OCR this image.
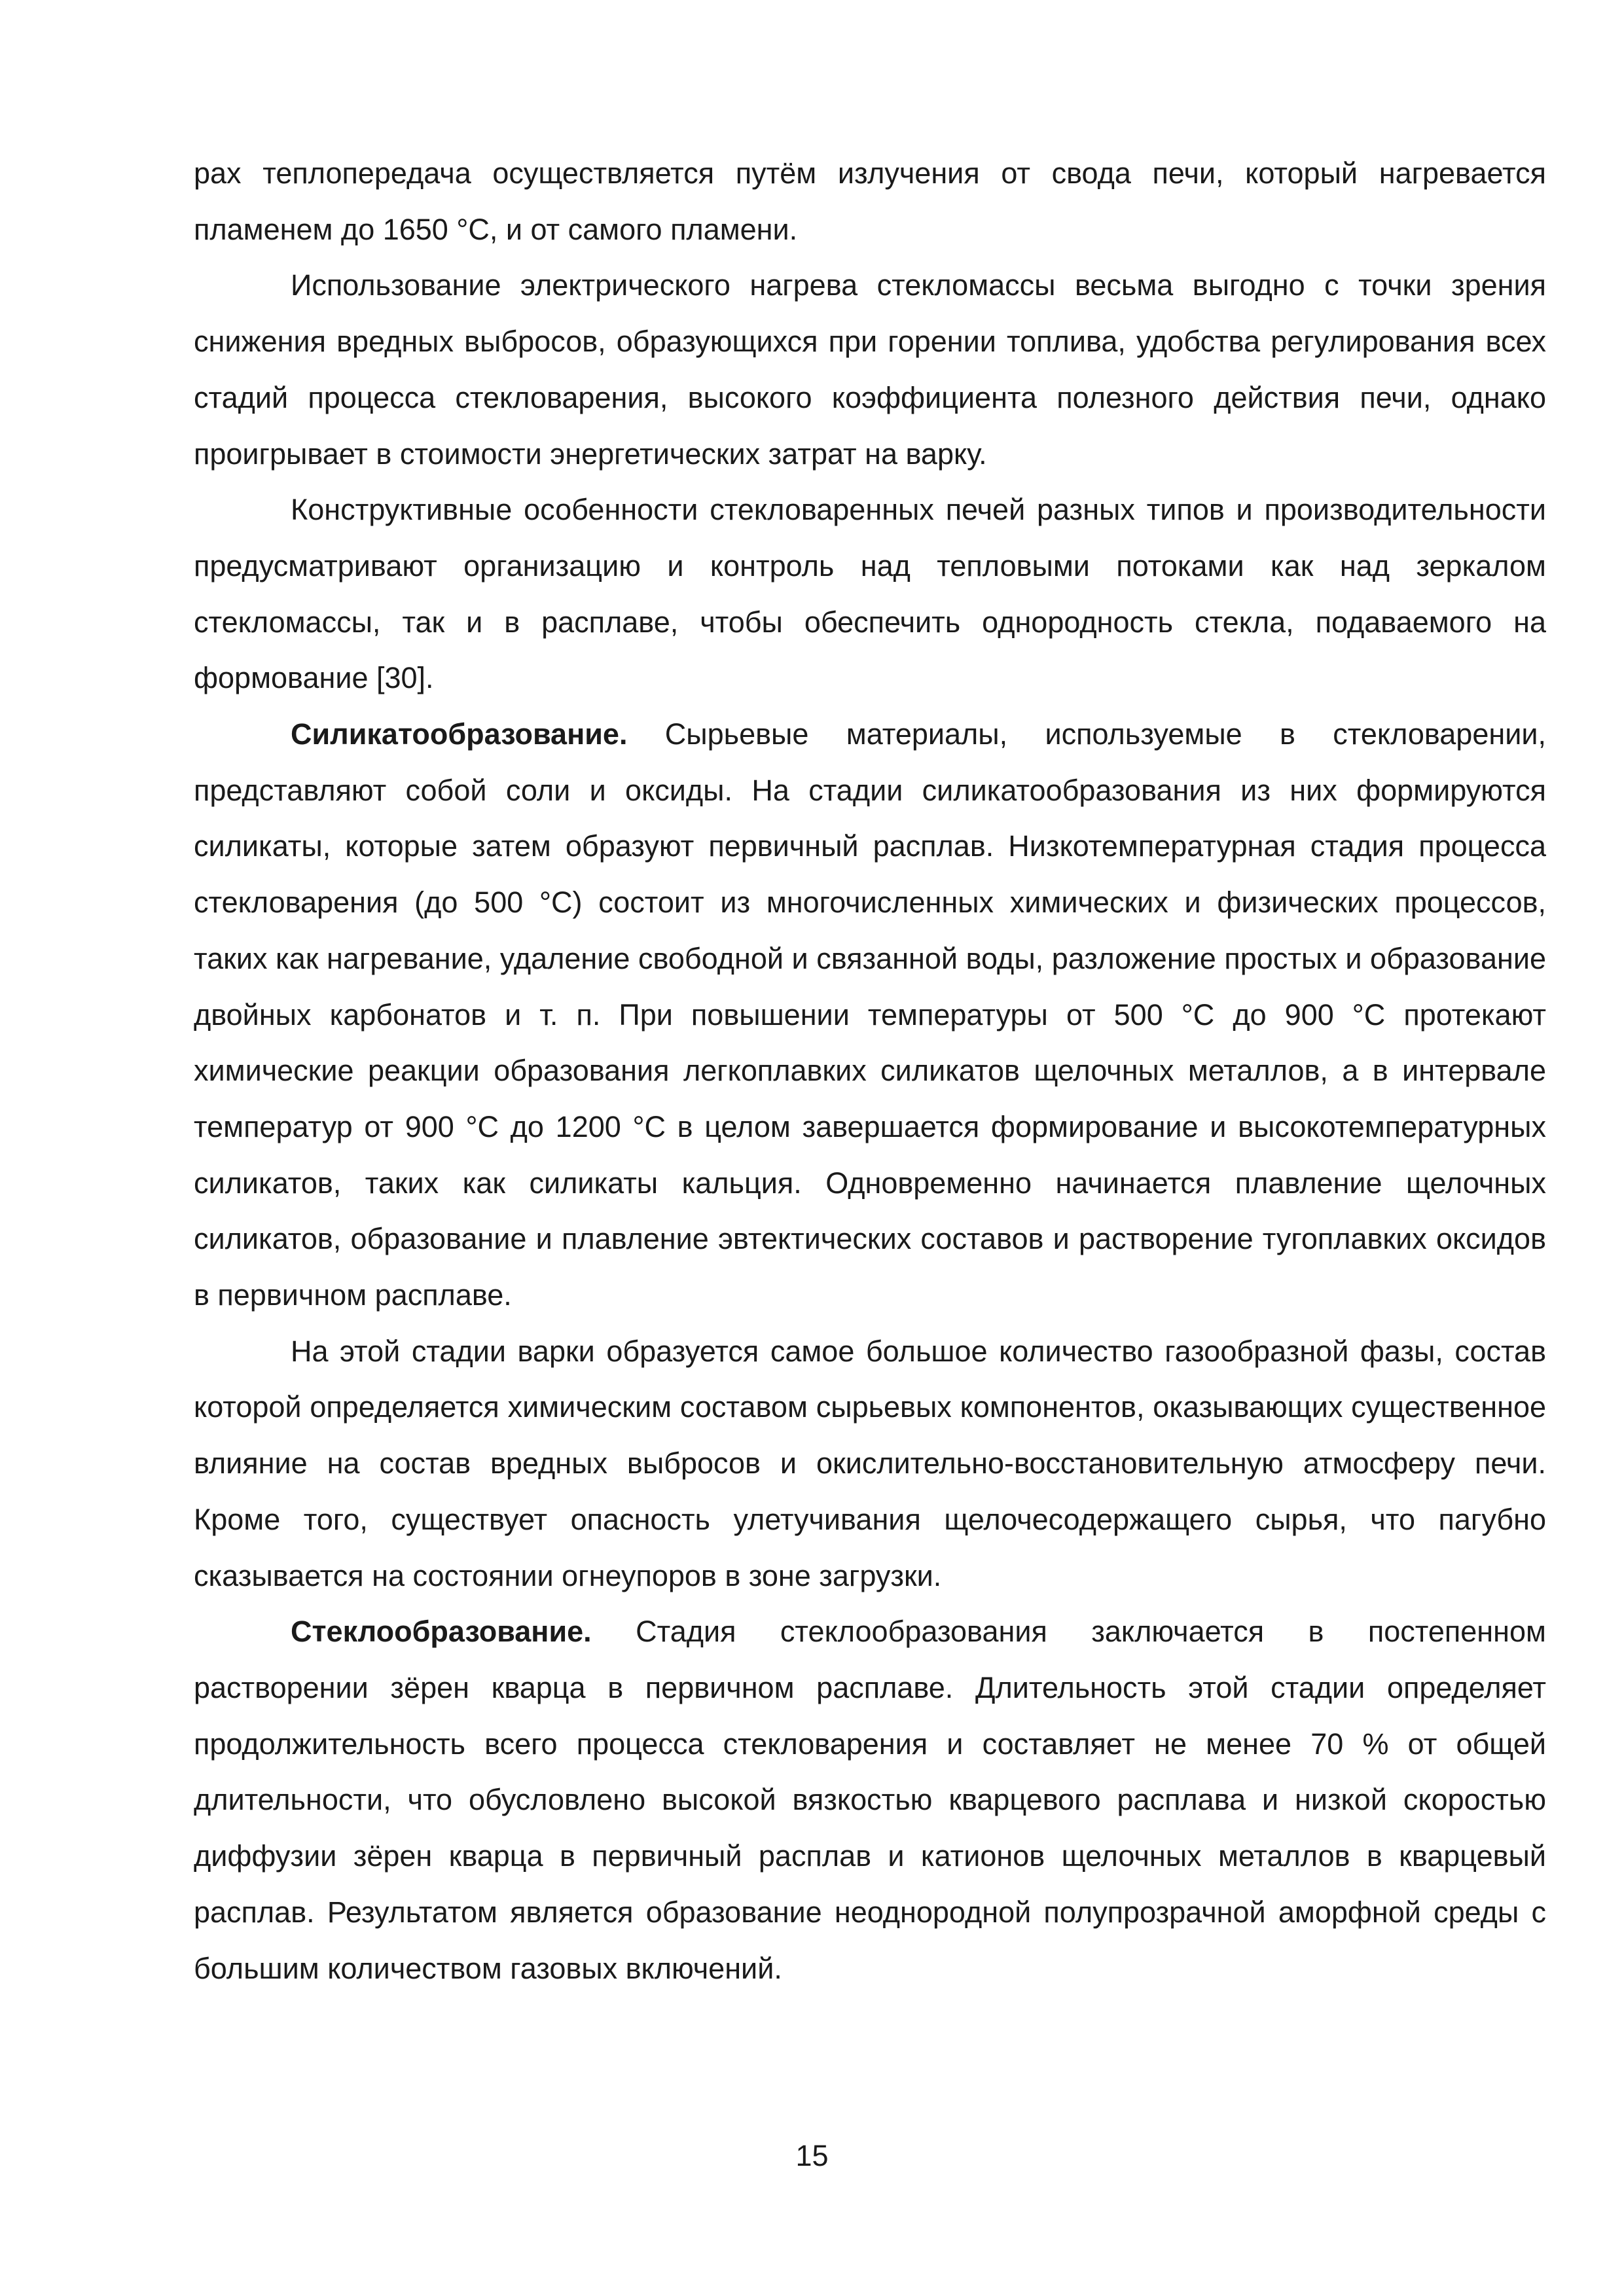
рах теплопередача осуществляется путём излучения от свода печи, который нагревается пламенем до 1650 °С, и от самого пламени.

Использование электрического нагрева стекломассы весьма выгодно с точки зрения снижения вредных выбросов, образующихся при горении топлива, удобства регулирования всех стадий процесса стекловарения, высокого коэффициента полезного действия печи, однако проигрывает в стоимости энергетических затрат на варку.

Конструктивные особенности стекловаренных печей разных типов и производительности предусматривают организацию и контроль над тепловыми потоками как над зеркалом стекломассы, так и в расплаве, чтобы обеспечить однородность стекла, подаваемого на формование [30].

Силикатообразование. Сырьевые материалы, используемые в стекловарении, представляют собой соли и оксиды. На стадии силикатообразования из них формируются силикаты, которые затем образуют первичный расплав. Низкотемпературная стадия процесса стекловарения (до 500 °С) состоит из многочисленных химических и физических процессов, таких как нагревание, удаление свободной и связанной воды, разложение простых и образование двойных карбонатов и т. п. При повышении температуры от 500 °С до 900 °С протекают химические реакции образования легкоплавких силикатов щелочных металлов, а в интервале температур от 900 °С до 1200 °С в целом завершается формирование и высокотемпературных силикатов, таких как силикаты кальция. Одновременно начинается плавление щелочных силикатов, образование и плавление эвтектических составов и растворение тугоплавких оксидов в первичном расплаве.

На этой стадии варки образуется самое большое количество газообразной фазы, состав которой определяется химическим составом сырьевых компонентов, оказывающих существенное влияние на состав вредных выбросов и окислительно-восстановительную атмосферу печи. Кроме того, существует опасность улетучивания щелочесодержащего сырья, что пагубно сказывается на состоянии огнеупоров в зоне загрузки.

Стеклообразование. Стадия стеклообразования заключается в постепенном растворении зёрен кварца в первичном расплаве. Длительность этой стадии определяет продолжительность всего процесса стекловарения и составляет не менее 70 % от общей длительности, что обусловлено высокой вязкостью кварцевого расплава и низкой скоростью диффузии зёрен кварца в первичный расплав и катионов щелочных металлов в кварцевый расплав. Результатом является образование неоднородной полупрозрачной аморфной среды с большим количеством газовых включений.

15
